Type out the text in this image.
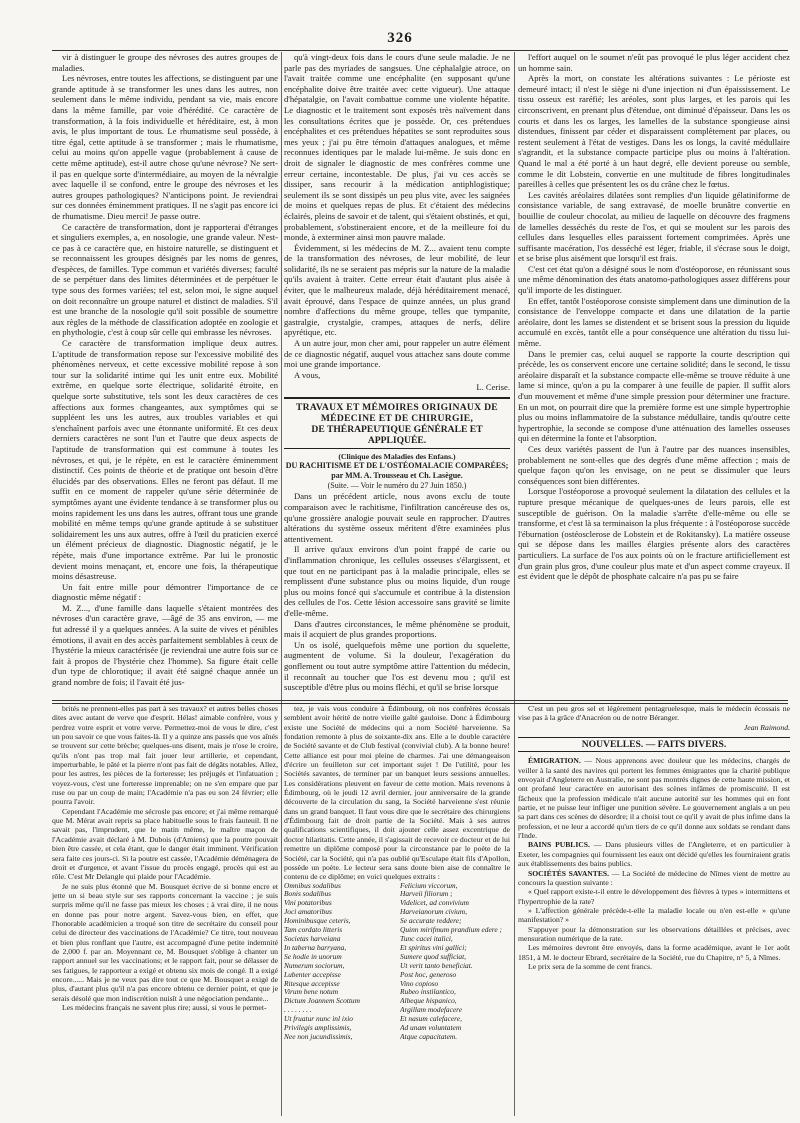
326

vir à distinguer le groupe des névroses des autres groupes de maladies.

Les névroses, entre toutes les affections, se distinguent par une grande aptitude à se transformer les unes dans les autres, non seulement dans le même individu, pendant sa vie, mais encore dans la même famille, par voie d'hérédité. Ce caractère de transformation, à la fois individuelle et héréditaire, est, à mon avis, le plus important de tous. Le rhumatisme seul possède, à titre égal, cette aptitude à se transformer ; mais le rhumatisme, celui au moins qu'on appelle vague (probablement à cause de cette même aptitude), est-il autre chose qu'une névrose? Ne sert-il pas en quelque sorte d'intermédiaire, au moyen de la névralgie avec laquelle il se confond, entre le groupe des névroses et les autres groupes pathologiques? N'anticipons point. Je reviendrai sur ces données éminemment pratiques. Il ne s'agit pas encore ici de rhumatisme. Dieu merci! Je passe outre.

Ce caractère de transformation, dont je rapporterai d'étranges et singuliers exemples, a, en nosologie, une grande valeur. N'est-ce pas à ce caractère que, en histoire naturelle, se distinguent et se reconnaissent les groupes désignés par les noms de genres, d'espèces, de familles. Type commun et variétés diverses; faculté de se perpétuer dans des limites déterminées et de perpétuer le type sous des formes variées; tel est, selon moi, le signe auquel on doit reconnaître un groupe naturel et distinct de maladies. S'il est une branche de la nosologie qu'il soit possible de soumettre aux règles de la méthode de classification adoptée en zoologie et en phythologie, c'est à coup sûr celle qui embrasse les névroses.

Ce caractère de transformation implique deux autres. L'aptitude de transformation repose sur l'excessive mobilité des phénomènes nerveux, et cette excessive mobilité repose à son tour sur la solidarité intime qui les unit entre eux. Mobilité extrême, en quelque sorte électrique, solidarité étroite, en quelque sorte substitutive, tels sont les deux caractères de ces affections aux formes changeantes, aux symptômes qui se suppléent les uns les autres, aux troubles variables et qui s'enchaînent parfois avec une étonnante uniformité. Et ces deux derniers caractères ne sont l'un et l'autre que deux aspects de l'aptitude de transformation qui est commune à toutes les névroses, et qui, je le répète, en est le caractère éminemment distinctif. Ces points de théorie et de pratique ont besoin d'être élucidés par des observations. Elles ne feront pas défaut. Il me suffit en ce moment de rappeler qu'une série déterminée de symptômes ayant une évidente tendance à se transformer plus ou moins rapidement les uns dans les autres, offrant tous une grande mobilité en même temps qu'une grande aptitude à se substituer solidairement les uns aux autres, offre à l'œil du praticien exercé un élément précieux de diagnostic. Diagnostic négatif, je le répète, mais d'une importance extrême. Par lui le pronostic devient moins menaçant, et, encore une fois, la thérapeutique moins désastreuse.

Un fait entre mille pour démontrer l'importance de ce diagnostic même négatif :

M. Z..., d'une famille dans laquelle s'étaient montrées des névroses d'un caractère grave, —âgé de 35 ans environ, — me fut adressé il y a quelques années. A la suite de vives et pénibles émotions, il avait en des accès parfaitement semblables à ceux de l'hystérie la mieux caractérisée (je reviendrai une autre fois sur ce fait à propos de l'hystérie chez l'homme). Sa figure était celle d'un type de chlorotique; il avait été saigné chaque année un grand nombre de fois; il l'avait été jus-

qu'à vingt-deux fois dans le cours d'une seule maladie. Je ne parle pas des myriades de sangsues. Une céphalalgie atroce, on l'avait traitée comme une encéphalite (en supposant qu'une encéphalite doive être traitée avec cette vigueur). Une attaque d'hépatalgie, on l'avait combattue comme une violente hépatite. Le diagnostic et le traitement sont exposés très naïvement dans les consultations écrites que je possède. Or, ces prétendues encéphalites et ces prétendues hépatites se sont reproduites sous mes yeux ; j'ai pu être témoin d'attaques analogues, et même reconnues identiques par le malade lui-même. Je suis donc en droit de signaler le diagnostic de mes confrères comme une erreur certaine, incontestable. De plus, j'ai vu ces accès se dissiper, sans recourir à la médication antiphlogistique; seulement ils se sont dissipés un peu plus vite, avec les saignées de moins et quelques repas de plus. Et c'étaient des médecins éclairés, pleins de savoir et de talent, qui s'étaient obstinés, et qui, probablement, s'obstineraient encore, et de la meilleure foi du monde, à exterminer ainsi mon pauvre malade.

Évidemment, si les médecins de M. Z... avaient tenu compte de la transformation des névroses, de leur mobilité, de leur solidarité, ils ne se seraient pas mépris sur la nature de la maladie qu'ils avaient à traiter. Cette erreur était d'autant plus aisée à éviter, que le malheureux malade, déjà héréditairement menacé, avait éprouvé, dans l'espace de quinze années, un plus grand nombre d'affections du même groupe, telles que tympanite, gastralgie, crystalgie, crampes, attaques de nerfs, délire apyrétique, etc.

A un autre jour, mon cher ami, pour rappeler un autre élément de ce diagnostic négatif, auquel vous attachez sans doute comme moi une grande importance.

A vous,

L. Cerise.
TRAVAUX ET MÉMOIRES ORIGINAUX DE MÉDECINE ET DE CHIRURGIE,
DE THÉRAPEUTIQUE GÉNÉRALE ET APPLIQUÉE.
(Clinique des Maladies des Enfans.)
DU RACHITISME ET DE L'OSTÉOMALACIE COMPARÉES; par MM. A. Trousseau et Ch. Lasègue.
(Suite. — Voir le numéro du 27 Juin 1850.)

Dans un précédent article, nous avons exclu de toute comparaison avec le rachitisme, l'infiltration cancéreuse des os, qu'une grossière analogie pouvait seule en rapprocher. D'autres altérations du système osseux méritent d'être examinées plus attentivement.

Il arrive qu'aux environs d'un point frappé de carie ou d'inflammation chronique, les cellules osseuses s'élargissent, et que tout en ne participant pas à la maladie principale, elles se remplissent d'une substance plus ou moins liquide, d'un rouge plus ou moins foncé qui s'accumule et contribue à la distension des cellules de l'os. Cette lésion accessoire sans gravité se limite d'elle-même.

Dans d'autres circonstances, le même phénomène se produit, mais il acquiert de plus grandes proportions.

Un os isolé, quelquefois même une portion du squelette, augmentent de volume. Si la douleur, l'exagération du gonflement ou tout autre symptôme attire l'attention du médecin, il reconnaît au toucher que l'os est devenu mou ; qu'il est susceptible d'être plus ou moins fléchi, et qu'il se brise lorsque

l'effort auquel on le soumet n'eût pas provoqué le plus léger accident chez un homme sain.

Après la mort, on constate les altérations suivantes : Le périoste est demeuré intact; il n'est le siège ni d'une injection ni d'un épaississement. Le tissu osseux est raréfié; les aréoles, sont plus larges, et les parois qui les circonscrivent, en prenant plus d'étendue, ont diminué d'épaisseur. Dans les os courts et dans les os larges, les lamelles de la substance spongieuse ainsi distendues, finissent par céder et disparaissent complètement par places, ou restent seulement à l'état de vestiges. Dans les os longs, la cavité médullaire s'agrandit, et la substance compacte participe plus ou moins à l'altération. Quand le mal a été porté à un haut degré, elle devient poreuse ou semble, comme le dit Lobstein, convertie en une multitude de fibres longitudinales pareilles à celles que présentent les os du crâne chez le fœtus.

Les cavités aréolaires dilatées sont remplies d'un liquide gélatiniforme de consistance variable, de sang extravasé, de moelle brunâtre convertie en bouillie de couleur chocolat, au milieu de laquelle on découvre des fragmens de lamelles desséchés du reste de l'os, et qui se moulent sur les parois des cellules dans lesquelles elles paraissent fortement comprimées. Après une suffisante macération, l'os desséché est léger, friable, il s'écrase sous le doigt, et se brise plus aisément que lorsqu'il est frais.

C'est cet état qu'on a désigné sous le nom d'ostéoporose, en réunissant sous une même dénomination des états anatomo-pathologiques assez différens pour qu'il importe de les distinguer.

En effet, tantôt l'ostéoporose consiste simplement dans une diminution de la consistance de l'enveloppe compacte et dans une dilatation de la partie aréolaire, dont les lames se distendent et se brisent sous la pression du liquide accumulé en excès, tantôt elle a pour conséquence une altération du tissu lui-même.

Dans le premier cas, celui auquel se rapporte la courte description qui précède, les os conservent encore une certaine solidité; dans le second, le tissu aréolaire disparaît et la substance compacte elle-même se trouve réduite à une lame si mince, qu'on a pu la comparer à une feuille de papier. Il suffit alors d'un mouvement et même d'une simple pression pour déterminer une fracture. En un mot, on pourrait dire que la première forme est une simple hypertrophie plus ou moins inflammatoire de la substance médullaire, tandis qu'outre cette hypertrophie, la seconde se compose d'une atténuation des lamelles osseuses qui en détermine la fonte et l'absorption.

Ces deux variétés passent de l'un à l'autre par des nuances insensibles, probablement ne sont-elles que des degrés d'une même affection ; mais de quelque façon qu'on les envisage, on ne peut se dissimuler que leurs conséquences sont bien différentes.

Lorsque l'ostéoporose a provoqué seulement la dilatation des cellules et la rupture presque mécanique de quelques-unes de leurs parois, elle est susceptible de guérison. On la maladie s'arrête d'elle-même ou elle se transforme, et c'est là sa terminaison la plus fréquente : à l'ostéoporose succède l'éburnation (ostéosclerose de Lobstein et de Rokitansky). La matière osseuse qui se dépose dans les mailles élargies présente alors des caractères particuliers. La surface de l'os aux points où on le fracture artificiellement est d'un grain plus gros, d'une couleur plus mate et d'un aspect comme crayeux. Il est évident que le dépôt de phosphate calcaire n'a pas pu se faire

brités ne prennent-elles pas part à ses travaux? et autres belles choses dites avec autant de verve que d'esprit. Hélas! aimable confrère, vous y perdrez votre esprit et votre verve. Permettez-moi de vous le dire, c'est un pou savoir ce que vous faites-là. Il y a quinze ans passés que vos aînés se trouvent sur cette brèche; quelques-uns disent, mais je n'ose le croire, qu'ils n'ont pas trop mal fait jouer leur artillerie, et cependant, imperturbable, le pâté et la pierre n'ont pas fait de dégâts notables. Allez, pour les autres, les pièces de la forteresse; les préjugés et l'infatuation ; voyez-vous, c'est une forteresse imprenable; on ne s'en empare que par ruse ou par un coup de main; l'Académie n'a pas eu son 24 février; elle pourra l'avoir.

Cependant l'Académie me sécrosle pas encore; et j'ai même remarqué que M. Mérat avait repris sa place habituelle sous le frais fauteuil. Il ne savait pas, l'imprudent, que le matin même, le maître maçon de l'Académie avait déclaré à M. Dubois (d'Amiens) que la poutre pouvait bien être cassée, et cela étant, que le danger était imminent. Vérification sera faite ces jours-ci. Si la poutre est cassée, l'Académie déménagera de droit et d'urgence, et avant l'issue du procès engagé, procès qui est au rôle. C'est Mr Delangle qui plaide pour l'Académie.

Je ne suis plus étonné que M. Bousquet écrive de si bonne encre et jette un si beau style sur ses rapports concernant la vaccine ; je suis surpris même qu'il ne fasse pas mieux les choses ; à vrai dire, il ne nous en donne pas pour notre argent. Savez-vous bien, en effet, que l'honorable académicien a troqué son titre de secrétaire du conseil pour celui de directeur des vaccinations de l'Académie? Ce titre, tout nouveau et bien plus ronflant que l'autre, est accompagné d'une petite indemnité de 2,000 f. par an. Moyennant ce, M. Bousquet s'oblige à chanter un rapport annuel sur les vaccinations; et le rapport fait, pour se délasser de ses fatigues, le rapporteur a exigé et obtenu six mois de congé. Il a exigé encore...... Mais je ne veux pas dire tout ce que M. Bousquet a exigé de plus, d'autant plus qu'il n'a pas encore obtenu ce dernier point, et que je serais désolé que mon indiscrétion nuisît à une négociation pendante...

Les médecins français ne savent plus rire; aussi, si vous le permet-

tez, je vais vous conduire à Édimbourg, où nos confrères écossais semblent avoir hérité de notre vieille gaîté gauloise. Donc à Édimbourg existe une Société de médecins qui a nom Société harveienne. Sa fondation remonte à plus de soixante-dix ans. Elle a le double caractère de Société savante et de Club festival (convivial club). A la bonne heure! Cette alliance est pour moi pleine de charmes. J'ai une démangeaison d'écrire un feuilleton sur cet important sujet ! De l'utilité, pour les Sociétés savantes, de terminer par un banquet leurs sessions annuelles. Les considérations pleuvent en faveur de cette motion. Mais revenons à Édimbourg, où le jeudi 12 avril dernier, jour anniversaire de la grande découverte de la circulation du sang, la Société harveienne s'est réunie dans un grand banquet. Il faut vous dire que le secrétaire des chirurgiens d'Édimbourg fait de droit partie de la Société. Mais à ses autres qualifications scientifiques, il doit ajouter celle assez excentrique de doctor hilaritatis. Cette année, il s'agissait de recevoir ce docteur et de lui remettre un diplôme composé pour la circonstance par le poète de la Société, car la Société, qui n'a pas oublié qu'Esculape était fils d'Apollon, possède un poète. Le lecteur sera sans doute bien aise de connaître le contenu de ce diplôme; en voici quelques extraits :

Omnibus sodalibus
Bonis sodalibus
Vini potatoribus
Joci amatoribus
Hominibusque ceteris,
Tam cordato litteris
Societas harveiana
In taberna barryana,
Se hodie in unorum
Numerum sociorum,
Lubenter accepisse
Ritesque accepisse
Virum bene notum
Dictum Joannem Scottum
. . . . . . . .
Ut fruatur nunc inl ixio
Privilegis amplissimis,
Nee non jucundissimis,
Felicium viccorum,
Harveii filiorum ;
Videlicet, ad convivium
Harveianorum civium,
Se accurate reddere;
Quinn mirifmum prandium edere ;
Tunc cacei italici,
Et spiritus vini gallici;
Sumere quod sufficiat,
Ut verit tanto beneficiat.
Post hoc, generoso
Vino copioso
Rubeo instilantico,
Albeque hispanico,
Argillam modefacere
Et nasum calefacere,
Ad unam voluntatem
Atque capacitatem.

C'est un peu gros sel et légèrement pentagruelesque, mais le médecin écossais ne vise pas à la grâce d'Anacréon ou de notre Béranger.

Jean Raimond.
NOUVELLES. — FAITS DIVERS.

ÉMIGRATION. — Nous apprenons avec douleur que les médecins, chargés de veiller à la santé des navires qui portent les femmes émigrantes que la charité publique envoyait d'Angleterre en Australie, ne sont pas montrés dignes de cette haute mission, et ont profané leur caractère en autorisant des scènes infâmes de promiscuité. Il est fâcheux que la profession médicale n'ait aucune autorité sur les hommes qui en font partie, et ne puisse leur infliger une punition sévère. Le gouvernement anglais a un peu sa part dans ces scènes de désordre; il a choisi tout ce qu'il y avait de plus infime dans la profession, et ne leur a accordé qu'un tiers de ce qu'il donne aux soldats se rendant dans l'Inde.

BAINS PUBLICS. — Dans plusieurs villes de l'Angleterre, et en particulier à Exeter, les compagnies qui fournissent les eaux ont décidé qu'elles les fourniraient gratis aux établissements des bains publics.

SOCIÉTÉS SAVANTES. — La Société de médecine de Nîmes vient de mettre au concours la question suivante :

« Quel rapport existe-t-il entre le développement des fièvres à types » intermittens et l'hypertrophie de la rate?

» L'affection générale précède-t-elle la maladie locale ou n'en est-elle » qu'une manifestation? »

S'appuyer pour la démonstration sur les observations détaillées et précises, avec mensuration numérique de la rate.

Les mémoires devront être envoyés, dans la forme académique, avant le 1er août 1851, à M. le docteur Ebrard, secrétaire de la Société, rue du Chapitre, n° 5, à Nîmes.

Le prix sera de la somme de cent francs.
